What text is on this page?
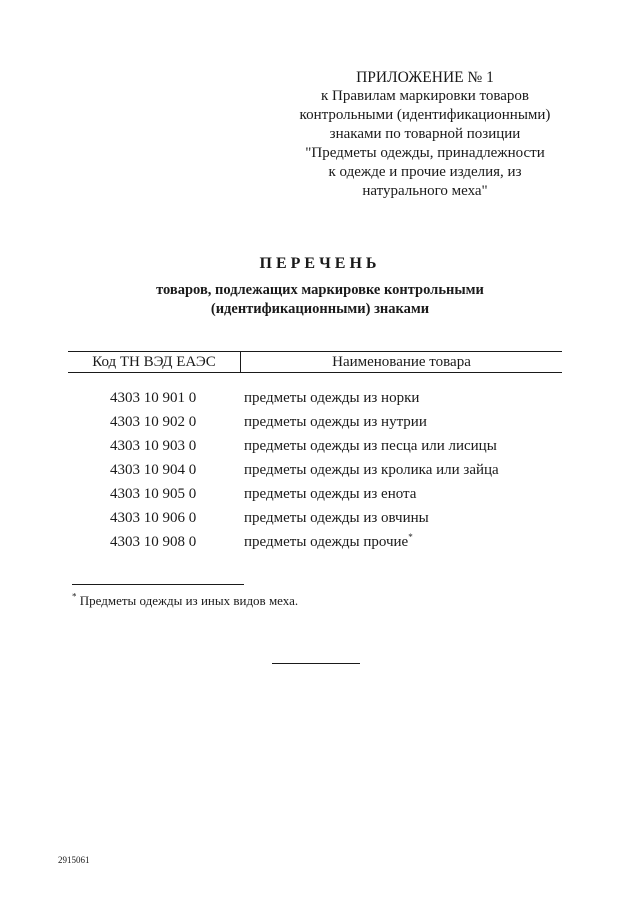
ПРИЛОЖЕНИЕ № 1
к Правилам маркировки товаров
контрольными (идентификационными)
знаками по товарной позиции
"Предметы одежды, принадлежности
к одежде и прочие изделия, из
натурального меха"
ПЕРЕЧЕНЬ
товаров, подлежащих маркировке контрольными
(идентификационными) знаками
Код ТН ВЭД ЕАЭС	Наименование товара
4303 10 901 0	предметы одежды из норки
4303 10 902 0	предметы одежды из нутрии
4303 10 903 0	предметы одежды из песца или лисицы
4303 10 904 0	предметы одежды из кролика или зайца
4303 10 905 0	предметы одежды из енота
4303 10 906 0	предметы одежды из овчины
4303 10 908 0	предметы одежды прочие*
* Предметы одежды из иных видов меха.
2915061
